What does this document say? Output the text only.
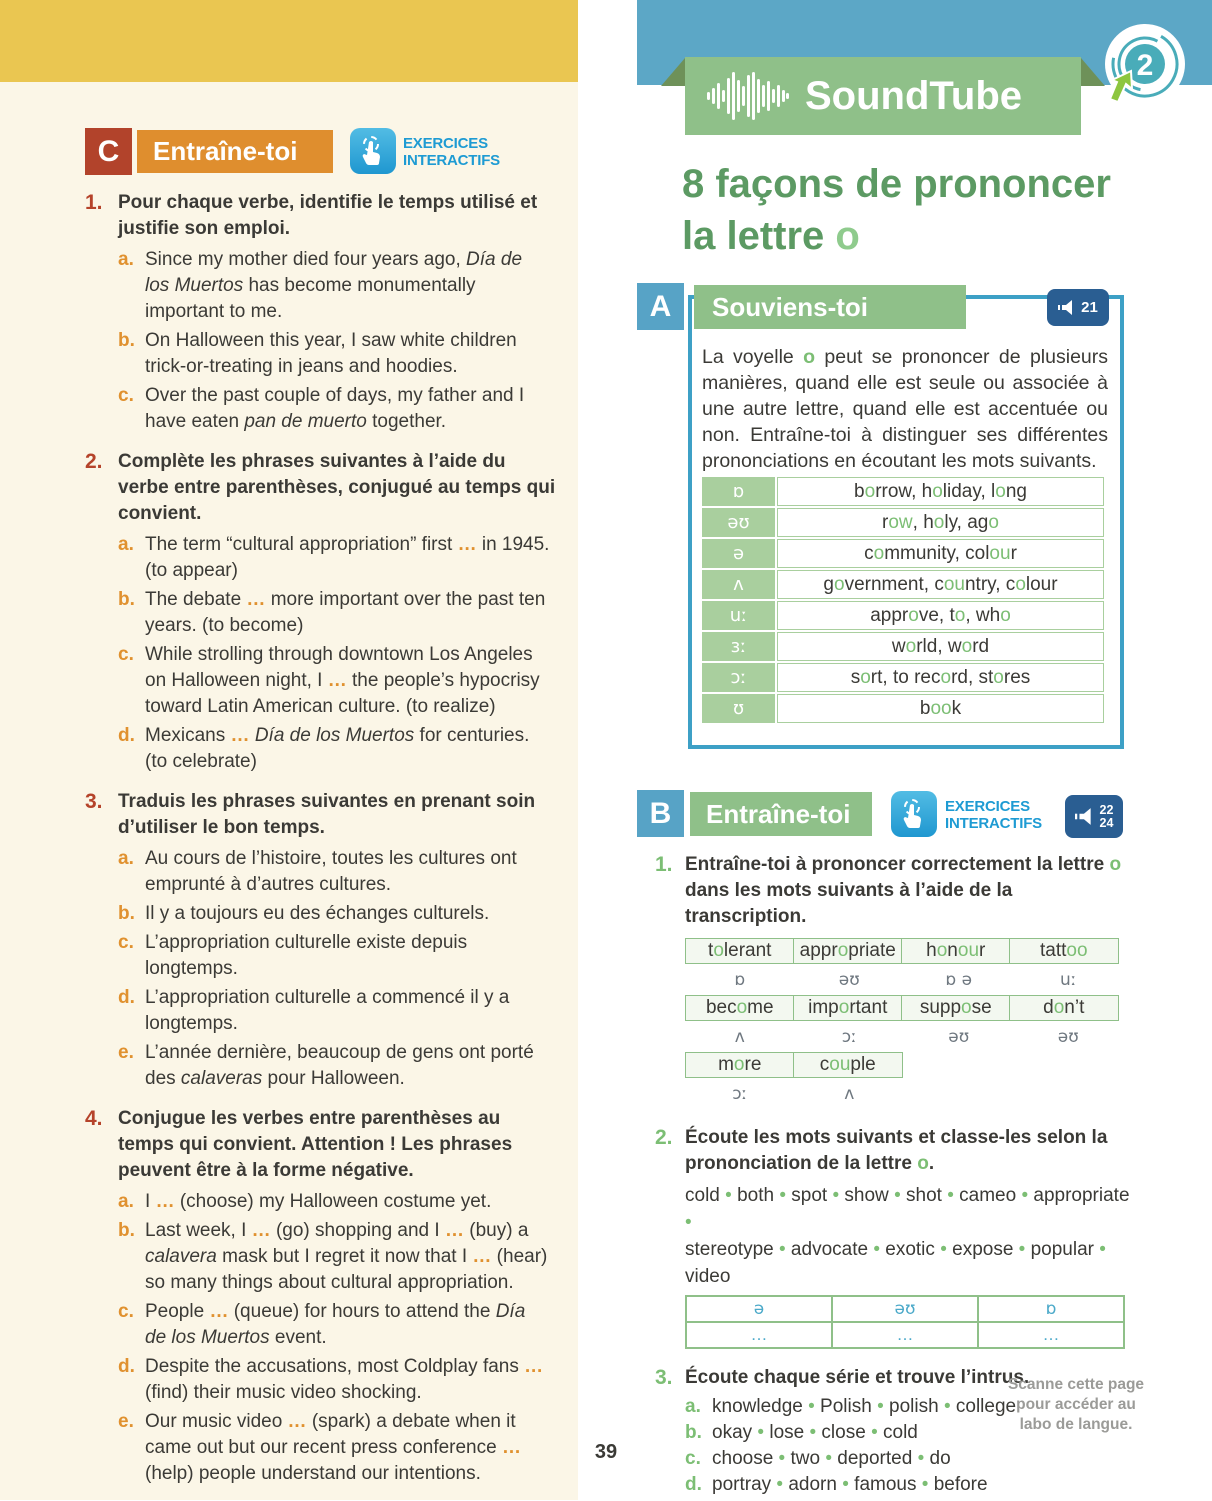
C	Entraîne-toi	EXERCICES
INTERACTIFS
1. Pour chaque verbe, identifie le temps utilisé et justifie son emploi.
a. Since my mother died four years ago, Día de los Muertos has become monumentally important to me.
b. On Halloween this year, I saw white children trick-or-treating in jeans and hoodies.
c. Over the past couple of days, my father and I have eaten pan de muerto together.
2. Complète les phrases suivantes à l’aide du verbe entre parenthèses, conjugué au temps qui convient.
a. The term “cultural appropriation” first … in 1945. (to appear)
b. The debate … more important over the past ten years. (to become)
c. While strolling through downtown Los Angeles on Halloween night, I … the people’s hypocrisy toward Latin American culture. (to realize)
d. Mexicans … Día de los Muertos for centuries. (to celebrate)
3. Traduis les phrases suivantes en prenant soin d’utiliser le bon temps.
a. Au cours de l’histoire, toutes les cultures ont emprunté à d’autres cultures.
b. Il y a toujours eu des échanges culturels.
c. L’appropriation culturelle existe depuis longtemps.
d. L’appropriation culturelle a commencé il y a longtemps.
e. L’année dernière, beaucoup de gens ont porté des calaveras pour Halloween.
4. Conjugue les verbes entre parenthèses au temps qui convient. Attention ! Les phrases peuvent être à la forme négative.
a. I … (choose) my Halloween costume yet.
b. Last week, I … (go) shopping and I … (buy) a calavera mask but I regret it now that I … (hear) so many things about cultural appropriation.
c. People … (queue) for hours to attend the Día de los Muertos event.
d. Despite the accusations, most Coldplay fans … (find) their music video shocking.
e. Our music video … (spark) a debate when it came out but our recent press conference … (help) people understand our intentions.
SoundTube
2
8 façons de prononcer
la lettre o
A	Souviens-toi	21
La voyelle o peut se prononcer de plusieurs manières, quand elle est seule ou associée à une autre lettre, quand elle est accentuée ou non. Entraîne-toi à distinguer ses différentes prononciations en écoutant les mots suivants.
ɒ	b o rrow, h o liday, l o ng
əʊ	r ow , h o ly, ag o
ə	c o mmunity, col ou r
ʌ	g o vernment, c ou ntry, c o lour
uː	appr o ve, t o , wh o
ɜː	w o rld, w o rd
ɔː	s o rt, to rec o rd, st o res
ʊ	b oo k
B	Entraîne-toi	EXERCICES
INTERACTIFS
22
24
1. Entraîne-toi à prononcer correctement la lettre o dans les mots suivants à l’aide de la transcription.
t o lerant	appr o priate	h o n ou r	tatt oo
ɒ	əʊ	ɒ ə	uː
bec o me	imp o rtant	supp o se	d o n’t
ʌ	ɔː	əʊ	əʊ
m o re	c ou ple
ɔː	ʌ
2. Écoute les mots suivants et classe-les selon la prononciation de la lettre o.
cold • both • spot • show • shot • cameo • appropriate •
stereotype • advocate • exotic • expose • popular • video
ə	əʊ	ɒ
…	…	…
3. Écoute chaque série et trouve l’intrus.
a. knowledge • Polish • polish • college
b. okay • lose • close • cold
c. choose • two • deported • do
d. portray • adorn • famous • before
Scanne cette page pour accéder au labo de langue.
39
